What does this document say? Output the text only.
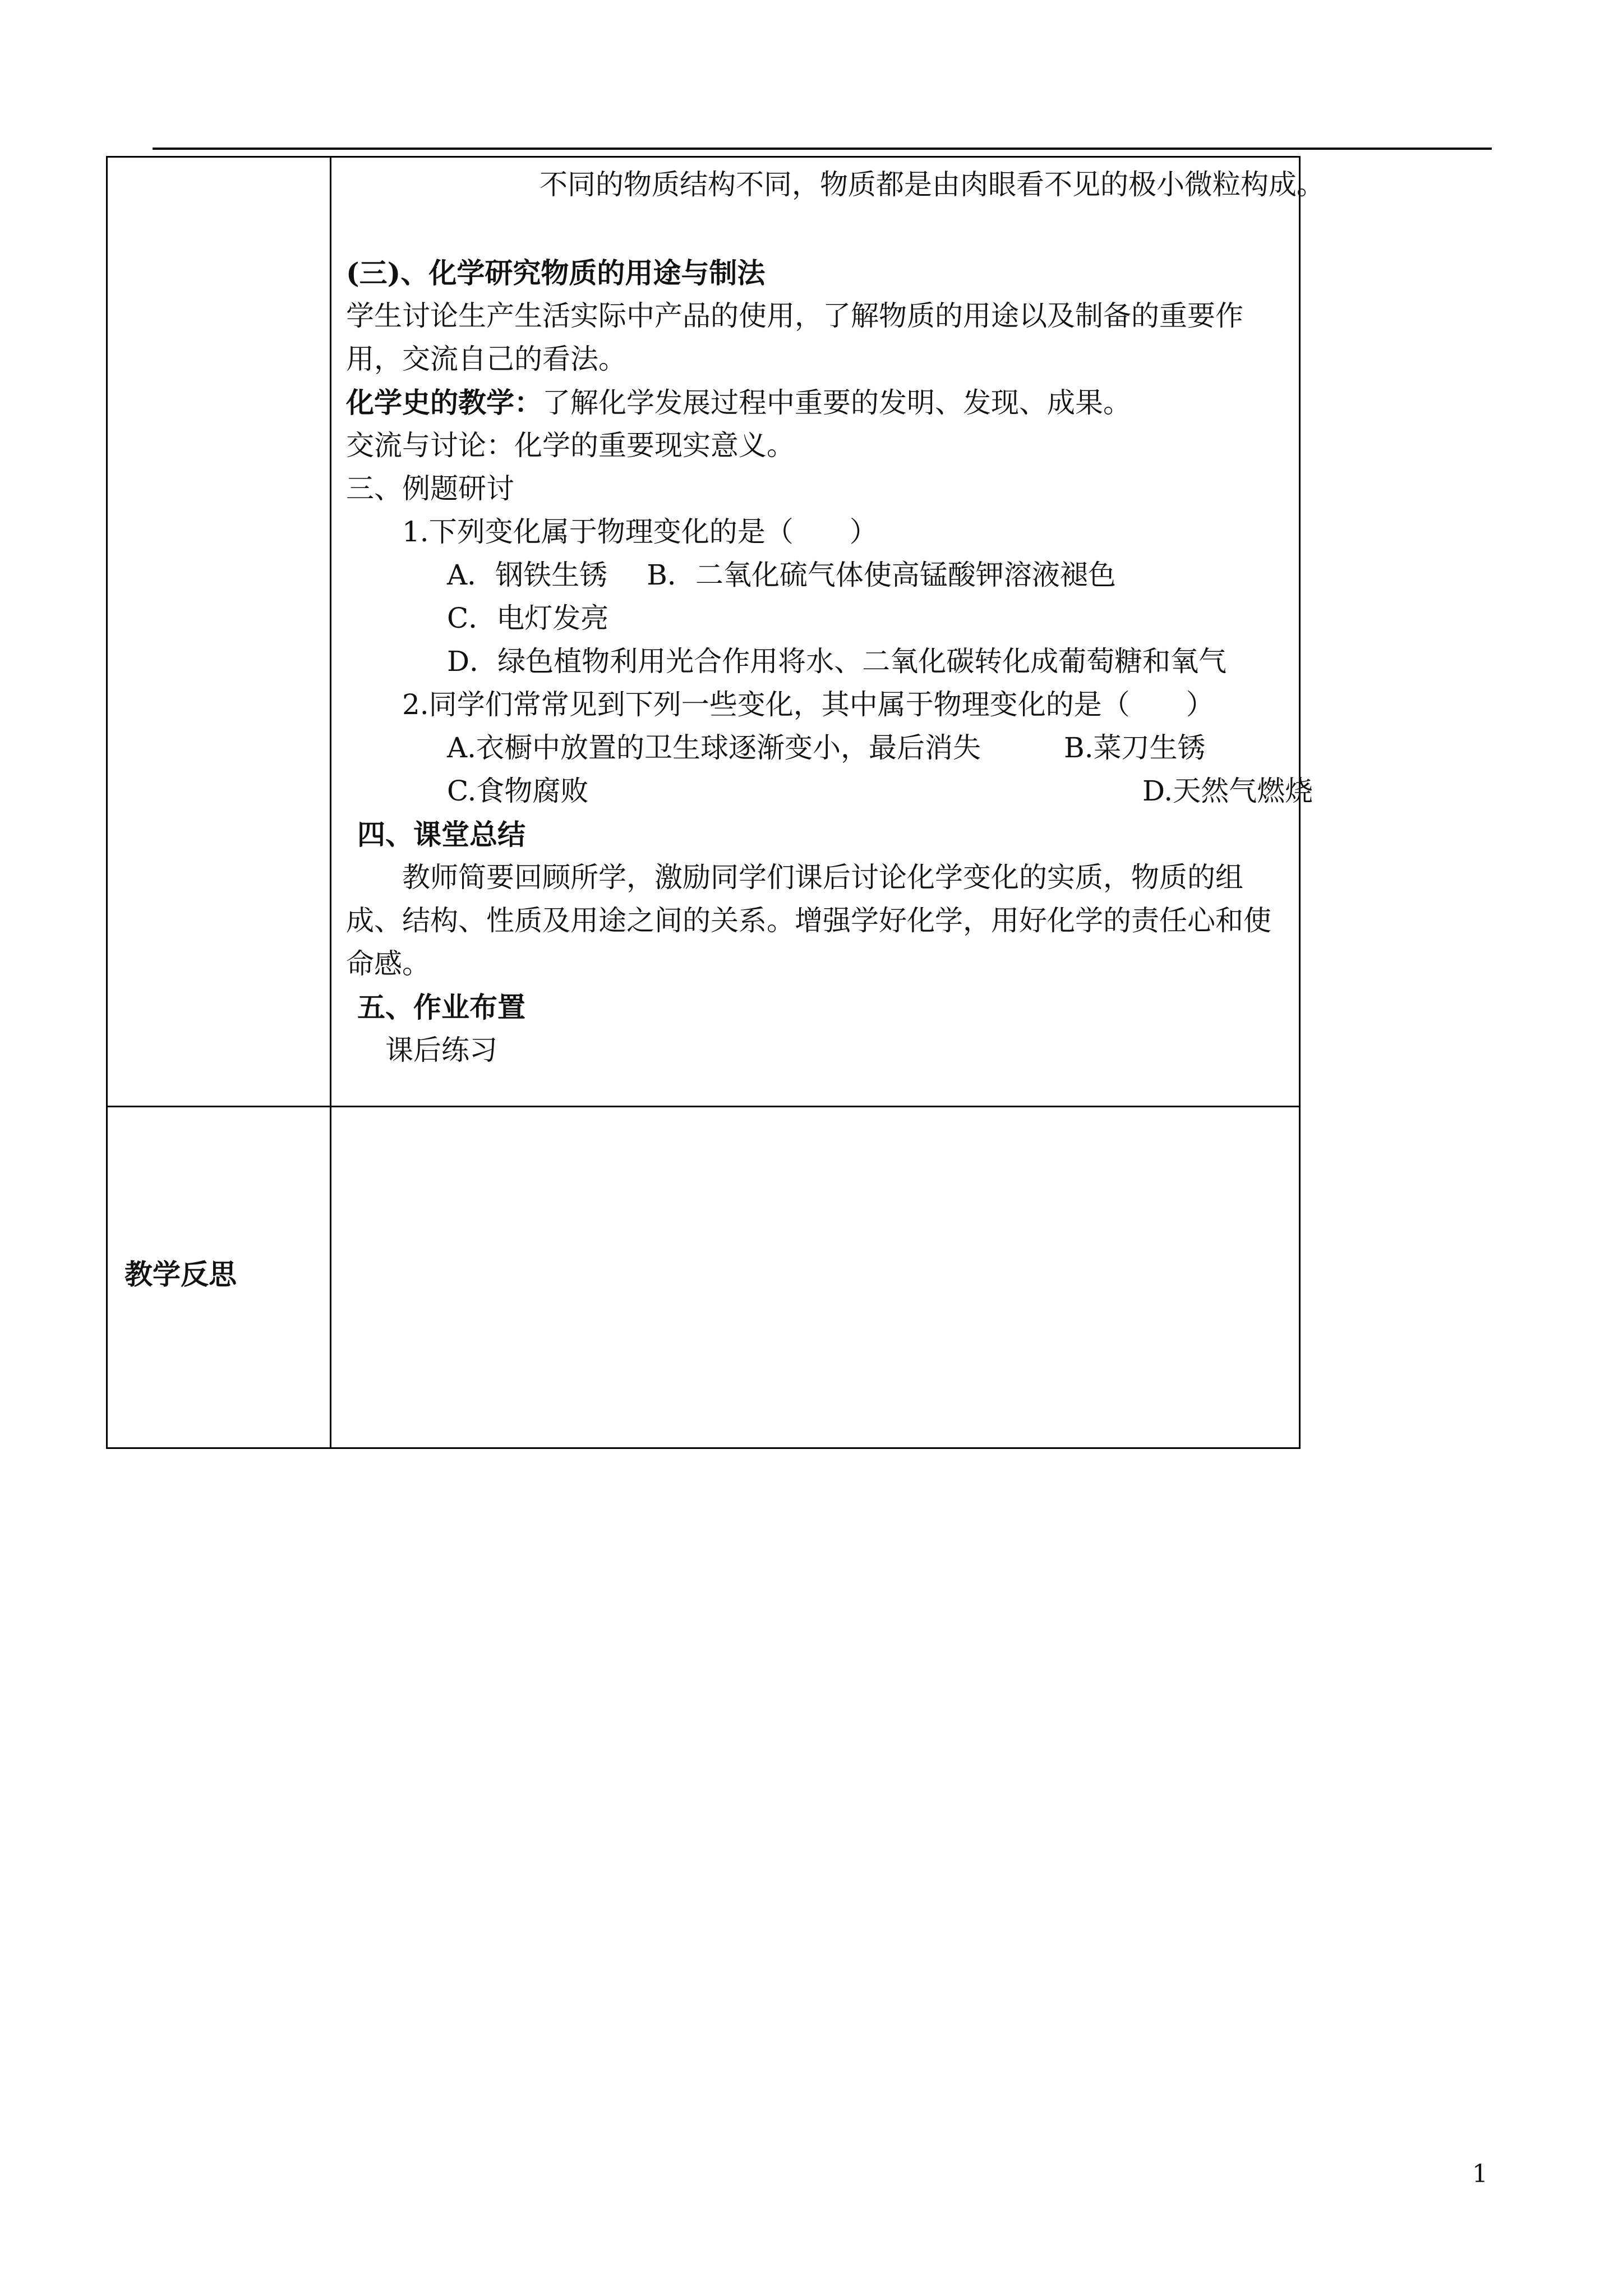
不同的物质结构不同，物质都是由肉眼看不见的极小微粒构成。
(三)、化学研究物质的用途与制法
学生讨论生产生活实际中产品的使用，了解物质的用途以及制备的重要作用，交流自己的看法。
化学史的教学：了解化学发展过程中重要的发明、发现、成果。
交流与讨论：化学的重要现实意义。
三、例题研讨
1.下列变化属于物理变化的是（　　）
A．钢铁生锈 B．二氧化硫气体使高锰酸钾溶液褪色
C．电灯发亮
D．绿色植物利用光合作用将水、二氧化碳转化成葡萄糖和氧气
2.同学们常常见到下列一些变化，其中属于物理变化的是（　　）
A.衣橱中放置的卫生球逐渐变小，最后消失	B.菜刀生锈
C.食物腐败	D.天然气燃烧
四、课堂总结
教师简要回顾所学，激励同学们课后讨论化学变化的实质，物质的组成、结构、性质及用途之间的关系。增强学好化学，用好化学的责任心和使命感。
五、作业布置
课后练习
教学反思
1
